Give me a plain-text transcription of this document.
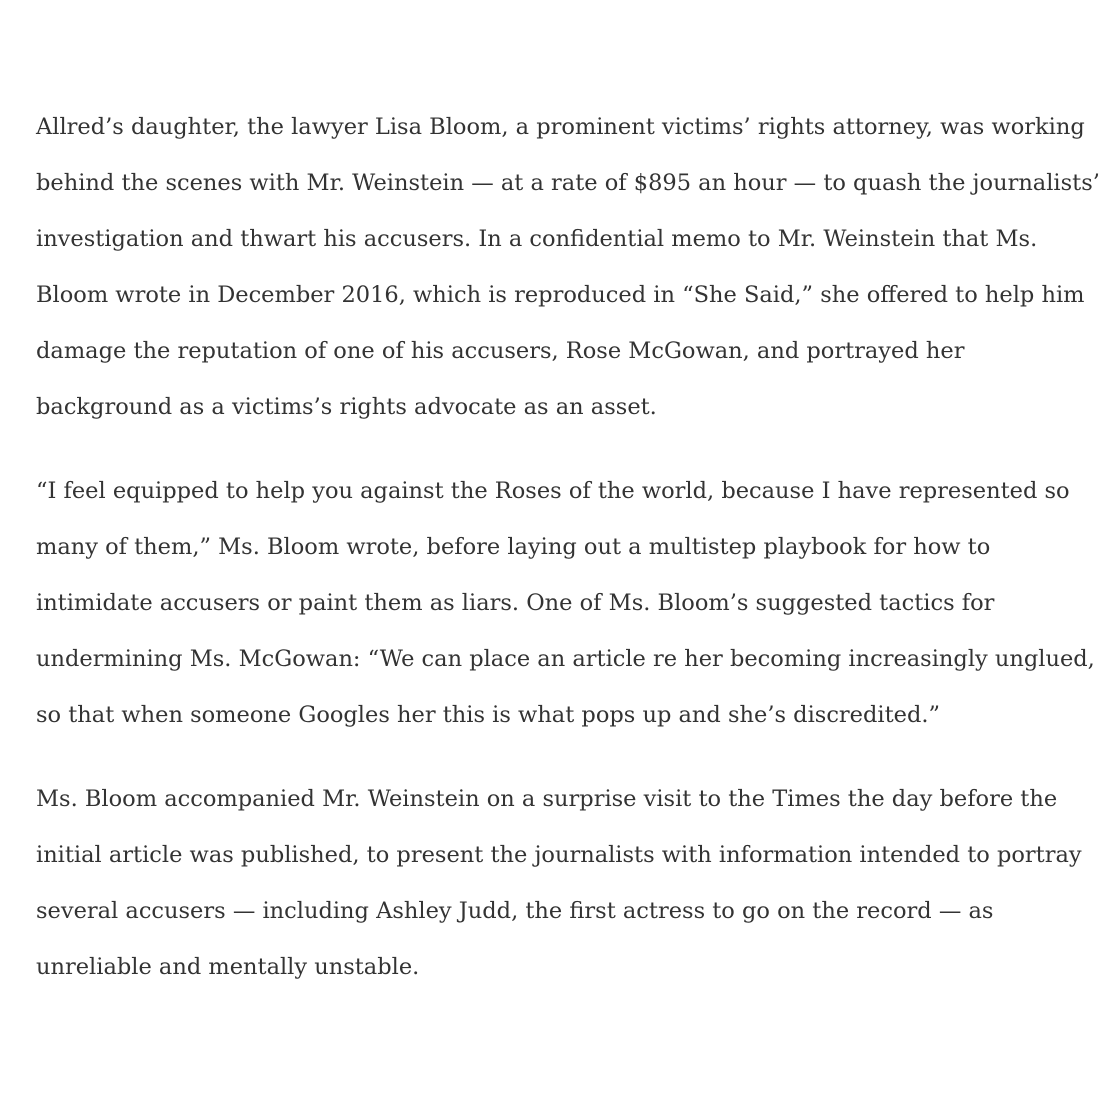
Allred’s daughter, the lawyer Lisa Bloom, a prominent victims’ rights attorney, was working
behind the scenes with Mr. Weinstein — at a rate of $895 an hour — to quash the journalists’
investigation and thwart his accusers. In a confidential memo to Mr. Weinstein that Ms.
Bloom wrote in December 2016, which is reproduced in “She Said,” she offered to help him
damage the reputation of one of his accusers, Rose McGowan, and portrayed her
background as a victims’s rights advocate as an asset.

“I feel equipped to help you against the Roses of the world, because I have represented so
many of them,” Ms. Bloom wrote, before laying out a multistep playbook for how to
intimidate accusers or paint them as liars. One of Ms. Bloom’s suggested tactics for
undermining Ms. McGowan: “We can place an article re her becoming increasingly unglued,
so that when someone Googles her this is what pops up and she’s discredited.”

Ms. Bloom accompanied Mr. Weinstein on a surprise visit to the Times the day before the
initial article was published, to present the journalists with information intended to portray
several accusers — including Ashley Judd, the first actress to go on the record — as
unreliable and mentally unstable.
